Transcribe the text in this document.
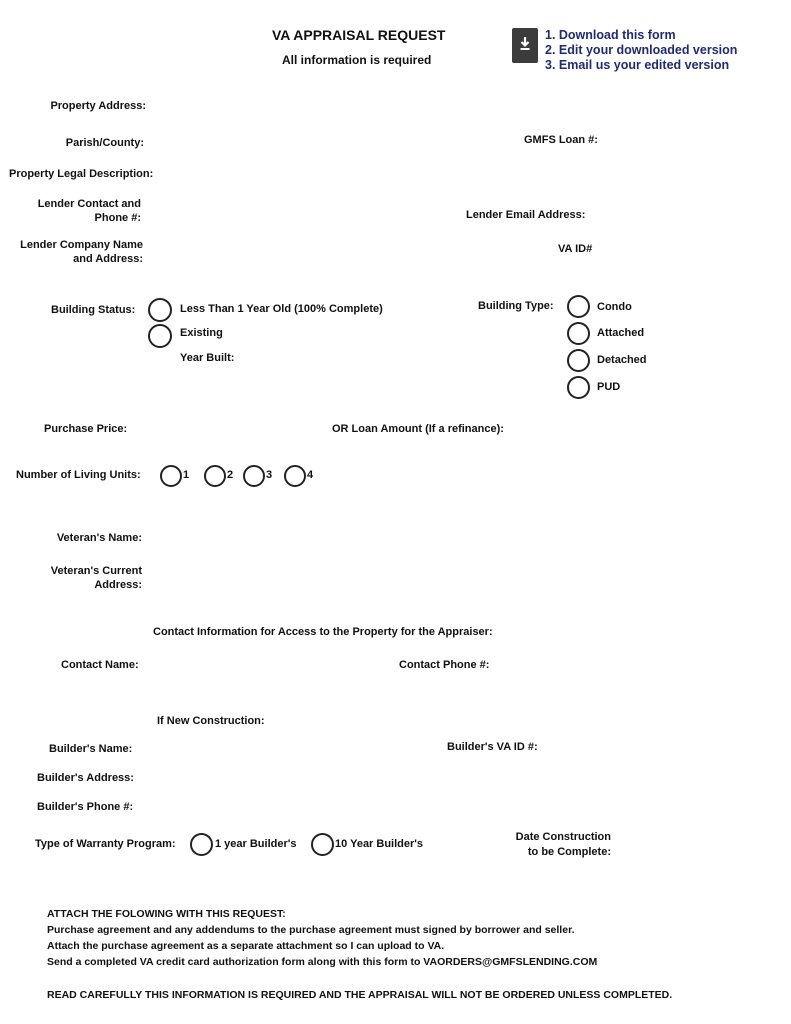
VA APPRAISAL REQUEST
All information is required
1. Download this form
2. Edit your downloaded version
3. Email us your edited version
Property Address:
Parish/County:	GMFS Loan #:
Property Legal Description:
Lender Contact and
Phone #:	Lender Email Address:
Lender Company Name
and Address:
VA ID#
Building Status:	Less Than 1 Year Old (100% Complete)
Existing
Year Built:
Building Type:	Condo
Attached
Detached
PUD
Purchase Price:	OR Loan Amount (If a refinance):
Number of Living Units:	1	2	3	4
Veteran's Name:
Veteran's Current
Address:
Contact Information for Access to the Property for the Appraiser:
Contact Name:	Contact Phone #:
If New Construction:
Builder's Name:	Builder's VA ID #:
Builder's Address:
Builder's Phone #:
Type of Warranty Program:	1 year Builder's	10 Year Builder's
Date Construction
to be Complete:
ATTACH THE FOLOWING WITH THIS REQUEST:
Purchase agreement and any addendums to the purchase agreement must signed by borrower and seller.
Attach the purchase agreement as a separate attachment so I can upload to VA.
Send a completed VA credit card authorization form along with this form to VAORDERS@GMFSLENDING.COM
READ CAREFULLY THIS INFORMATION IS REQUIRED AND THE APPRAISAL WILL NOT BE ORDERED UNLESS COMPLETED.
